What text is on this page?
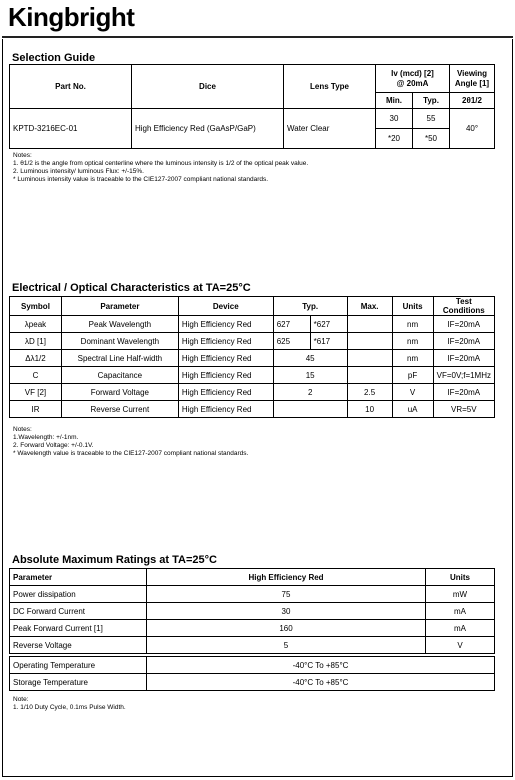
Kingbright
Selection Guide
Part No.	Dice	Lens Type	Iv (mcd) [2]
@ 20mA		Viewing Angle [1]
			Min.	Typ.	2θ1/2
KPTD-3216EC-01	High Efficiency Red (GaAsP/GaP)	Water Clear	30	55	40°
			*20	*50	
Notes:
1. θ1/2 is the angle from optical centerline where the luminous intensity is 1/2 of the optical peak value.
2. Luminous intensity/ luminous Flux: +/-15%.
* Luminous intensity value is traceable to the CIE127-2007 compliant national standards.
Electrical / Optical Characteristics at TA=25°C
Symbol	Parameter	Device	Typ.		Max.	Units	Test Conditions
λpeak	Peak Wavelength	High Efficiency Red	627	*627		nm	IF=20mA
λD [1]	Dominant Wavelength	High Efficiency Red	625	*617		nm	IF=20mA
Δλ1/2	Spectral Line Half-width	High Efficiency Red	45			nm	IF=20mA
C	Capacitance	High Efficiency Red	15			pF	VF=0V;f=1MHz
VF [2]	Forward Voltage	High Efficiency Red	2		2.5	V	IF=20mA
IR	Reverse Current	High Efficiency Red			10	uA	VR=5V
Notes:
1.Wavelength: +/-1nm.
2. Forward Voltage: +/-0.1V.
* Wavelength value is traceable to the CIE127-2007 compliant national standards.
Absolute Maximum Ratings at TA=25°C
Parameter	High Efficiency Red	Units
Power dissipation	75	mW
DC Forward Current	30	mA
Peak Forward Current [1]	160	mA
Reverse Voltage	5	V
Operating Temperature	-40°C To +85°C
Storage Temperature	-40°C To +85°C
Note:
1. 1/10 Duty Cycle, 0.1ms Pulse Width.
